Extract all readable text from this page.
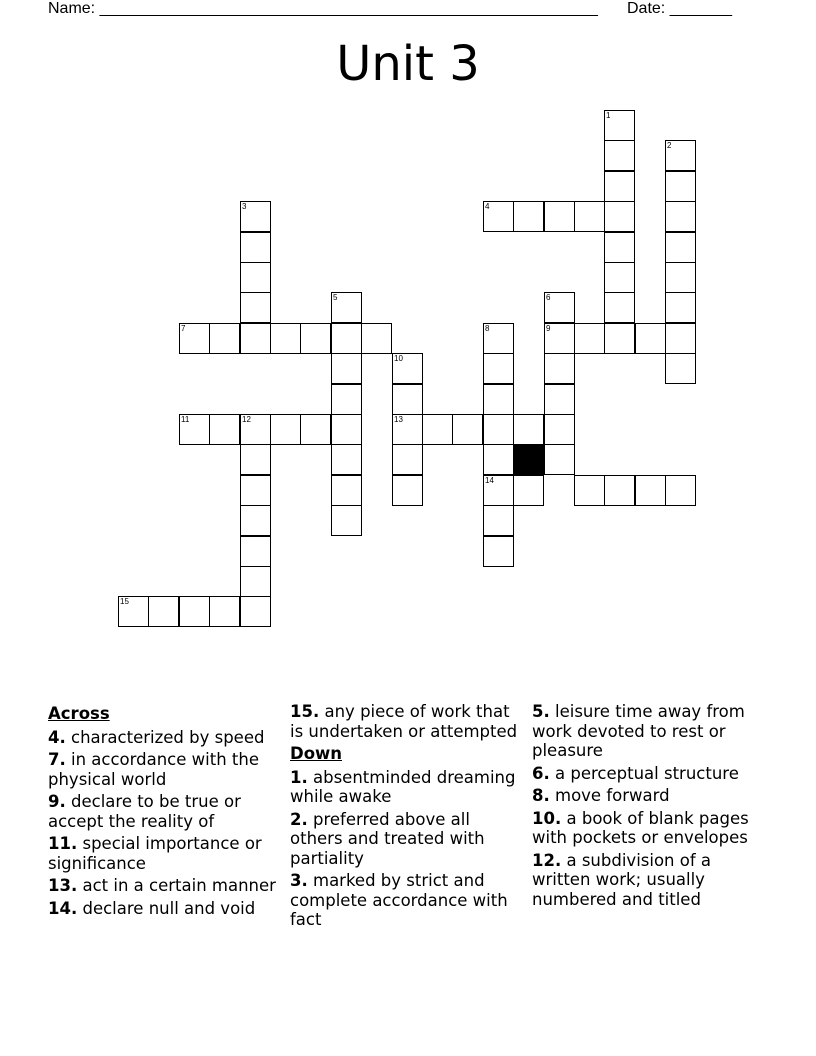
Name: ________________________________________________________ Date: _______
Unit 3
1
2
3	4
5	6
9
7	8
14
10
13
11	12
15
Across
4. characterized by speed
7. in accordance with the physical world
9. declare to be true or accept the reality of
11. special importance or significance
13. act in a certain manner
14. declare null and void
15. any piece of work that is undertaken or attempted
Down
1. absentminded dreaming while awake
2. preferred above all others and treated with partiality
3. marked by strict and complete accordance with fact
5. leisure time away from work devoted to rest or pleasure
6. a perceptual structure
8. move forward
10. a book of blank pages with pockets or envelopes
12. a subdivision of a written work; usually numbered and titled
